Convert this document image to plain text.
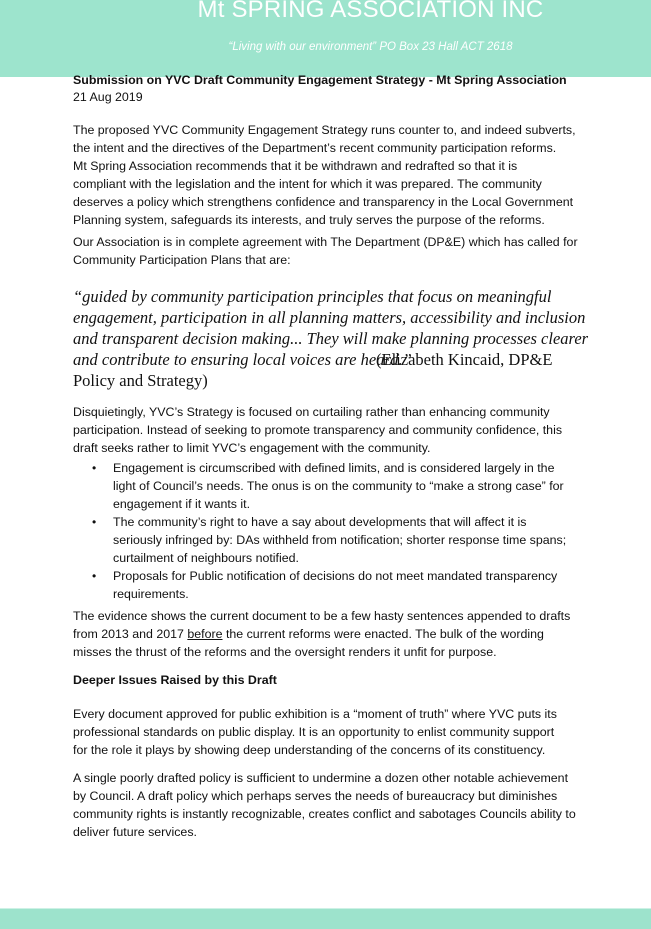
Mt SPRING ASSOCIATION INC
“Living with our environment” PO Box 23 Hall ACT 2618
Submission on YVC Draft Community Engagement Strategy - Mt Spring Association
21 Aug 2019
The proposed YVC Community Engagement Strategy runs counter to, and indeed subverts,
the intent and the directives of the Department’s recent community participation reforms.
Mt Spring Association recommends that it be withdrawn and redrafted so that it is
compliant with the legislation and the intent for which it was prepared. The community
deserves a policy which strengthens confidence and transparency in the Local Government
Planning system, safeguards its interests, and truly serves the purpose of the reforms.
Our Association is in complete agreement with The Department (DP&E) which has called for
Community Participation Plans that are:
“guided by community participation principles that focus on meaningful
engagement, participation in all planning matters, accessibility and inclusion
and transparent decision making... They will make planning processes clearer
and contribute to ensuring local voices are heard.”
(Elizabeth Kincaid, DP&E
Policy and Strategy)
Disquietingly, YVC’s Strategy is focused on curtailing rather than enhancing community
participation. Instead of seeking to promote transparency and community confidence, this
draft seeks rather to limit YVC’s engagement with the community.
• Engagement is circumscribed with defined limits, and is considered largely in the
light of Council’s needs. The onus is on the community to “make a strong case” for
engagement if it wants it.
• The community’s right to have a say about developments that will affect it is
seriously infringed by: DAs withheld from notification; shorter response time spans;
curtailment of neighbours notified.
• Proposals for Public notification of decisions do not meet mandated transparency
requirements.
Every document approved for public exhibition is a “moment of truth” where YVC puts its
professional standards on public display. It is an opportunity to enlist community support
for the role it plays by showing deep understanding of the concerns of its constituency.
A single poorly drafted policy is sufficient to undermine a dozen other notable achievement
by Council. A draft policy which perhaps serves the needs of bureaucracy but diminishes
community rights is instantly recognizable, creates conflict and sabotages Councils ability to
deliver future services.
The evidence shows the current document to be a few hasty sentences appended to drafts
from 2013 and 2017 before the current reforms were enacted. The bulk of the wording
misses the thrust of the reforms and the oversight renders it unfit for purpose.
Deeper Issues Raised by this Draft
